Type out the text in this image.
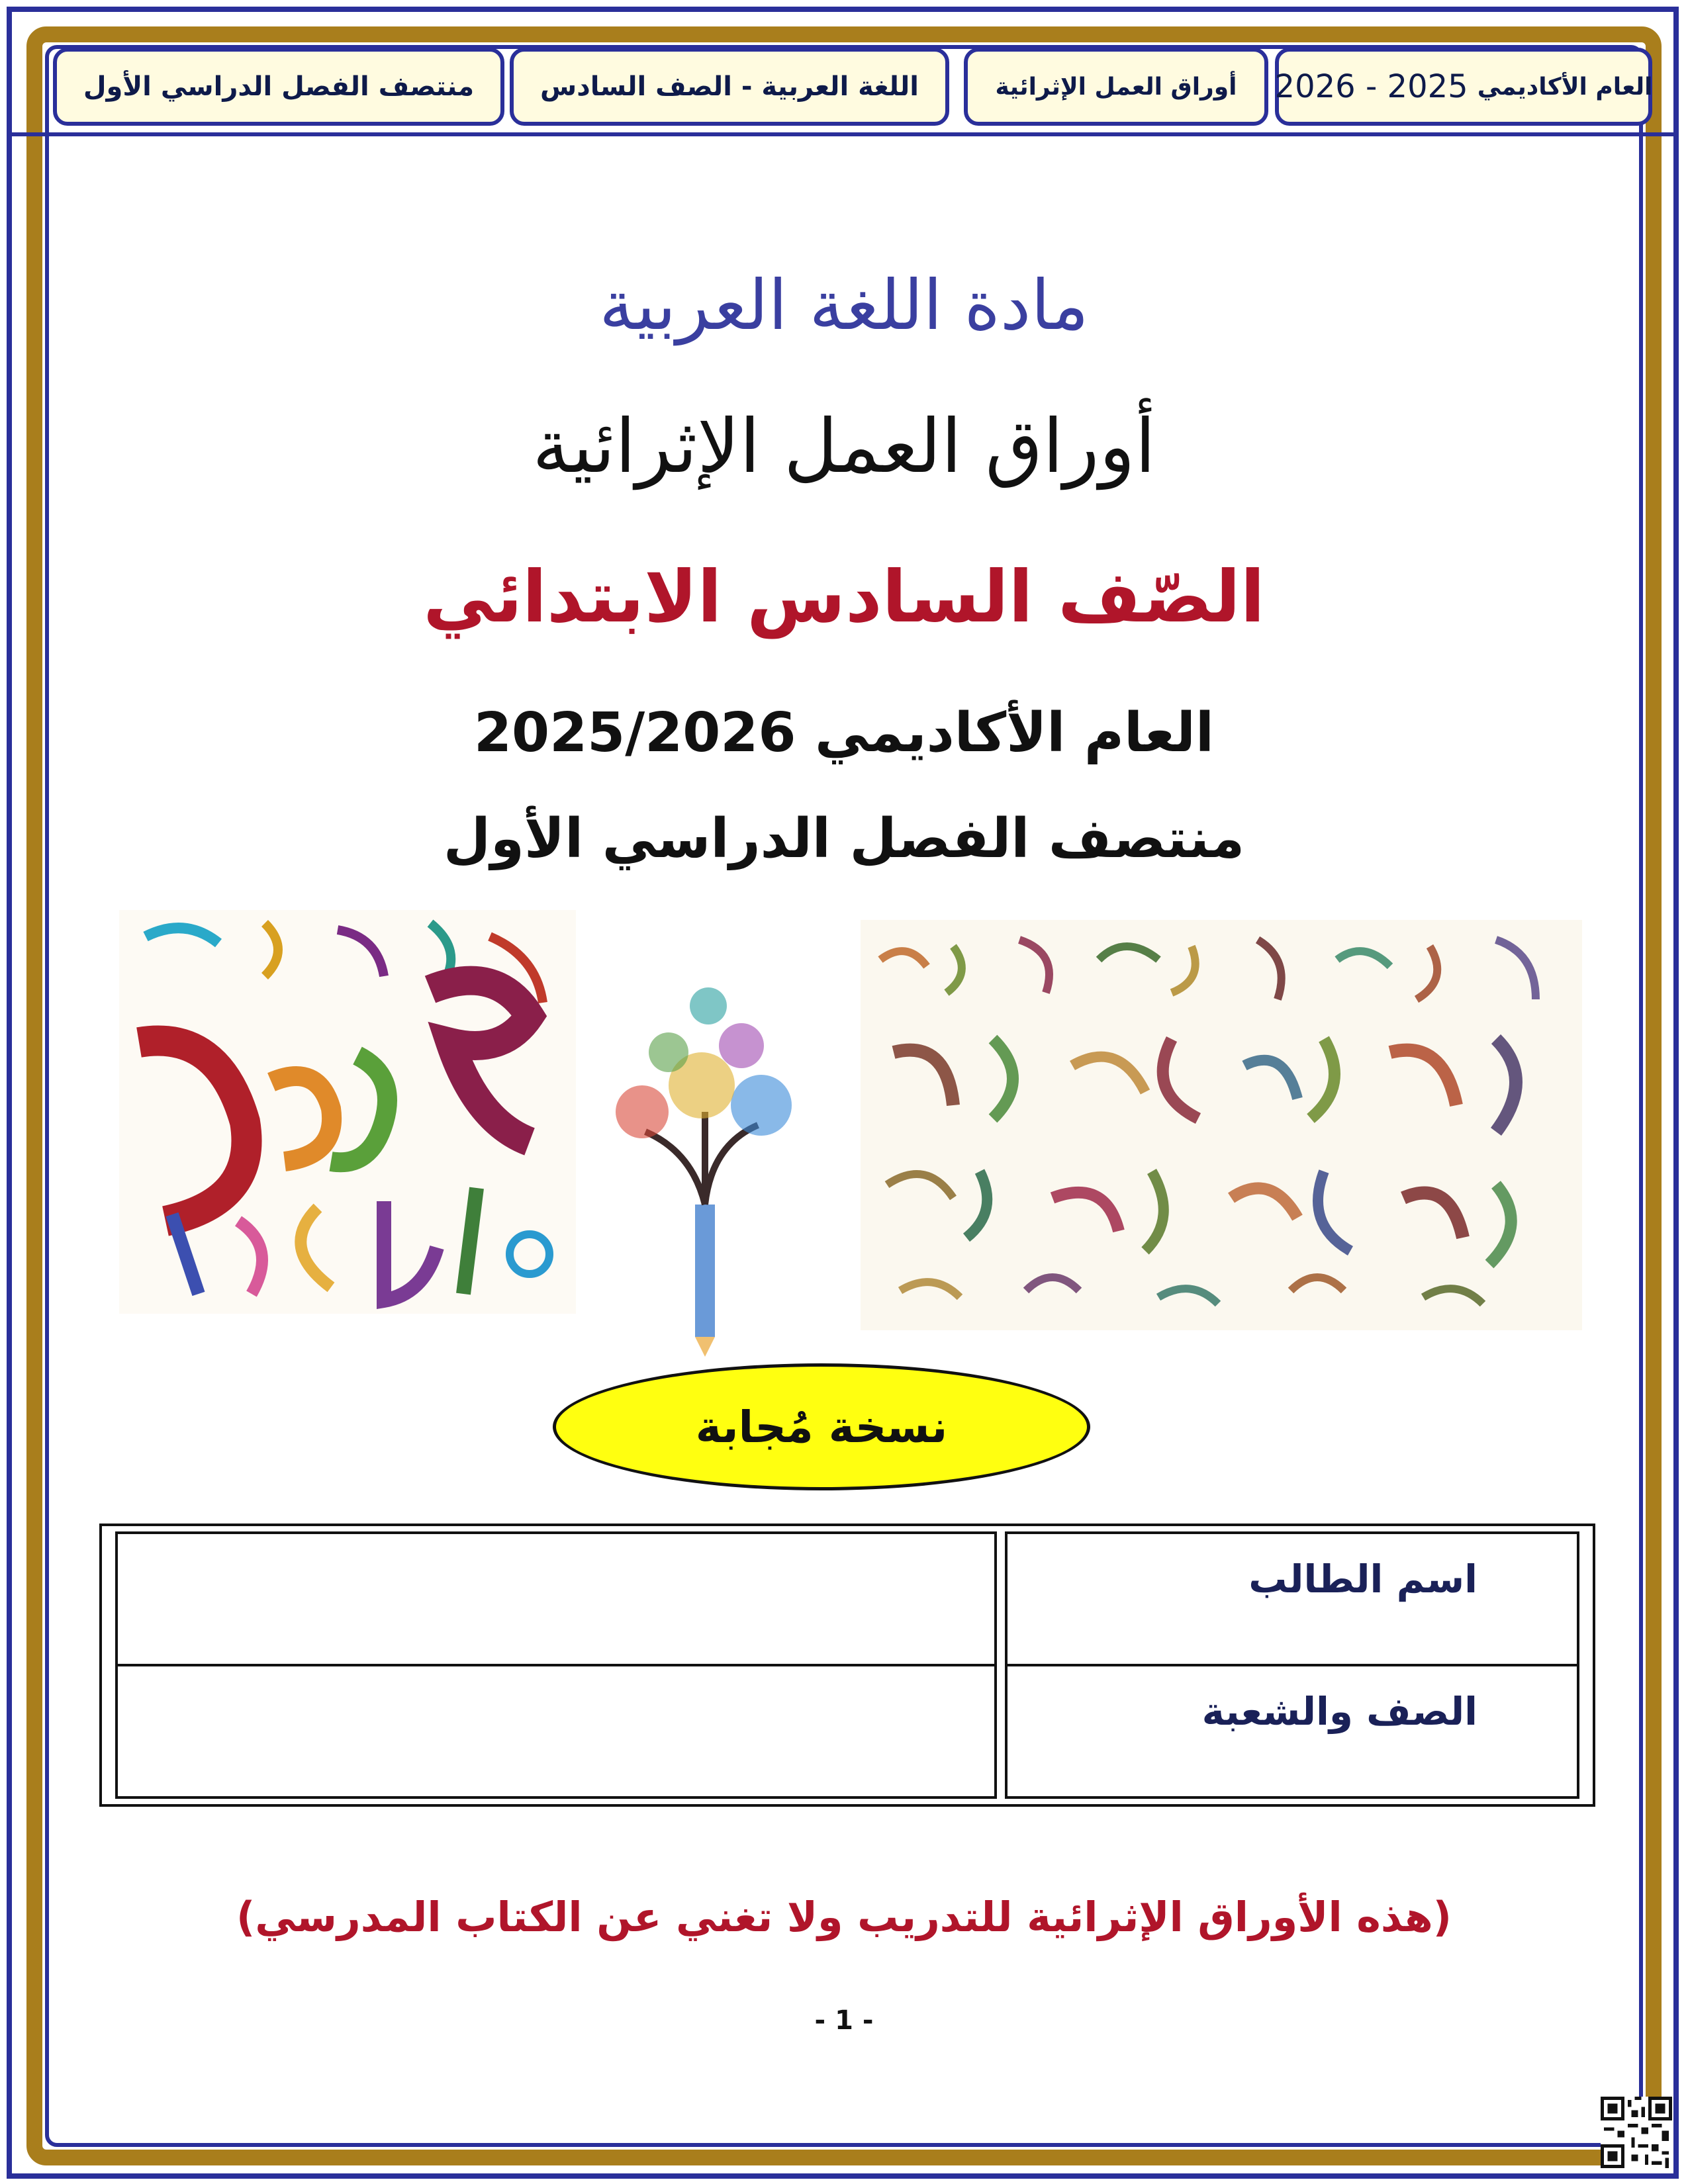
منتصف الفصل الدراسي الأول اللغة العربية - الصف السادس	أوراق العمل الإثرائية	العام الأكاديمي
2025 - 2026
مادة اللغة العربية
أوراق العمل الإثرائية
الصّف السادس الابتدائي
العام الأكاديمي 2025/2026
منتصف الفصل الدراسي الأول
نسخة مُجابة
اسم الطالب	
الصف والشعبة	
(هذه الأوراق الإثرائية للتدريب ولا تغني عن الكتاب المدرسي)
- 1 -
